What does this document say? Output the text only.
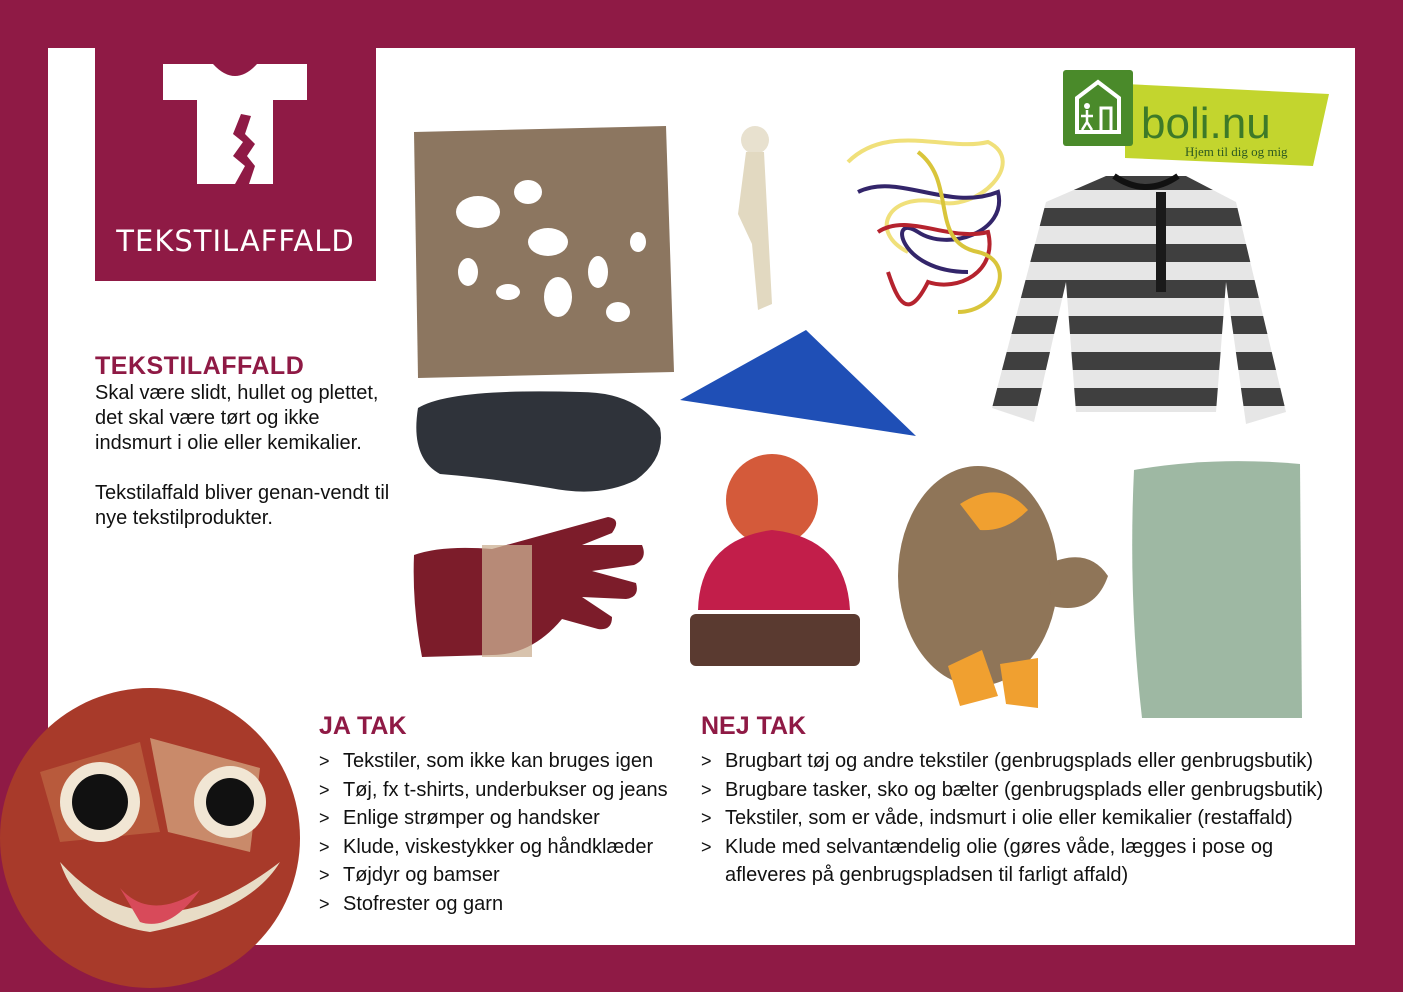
TEKSTILAFFALD
TEKSTILAFFALD

Skal være slidt, hullet og plettet, det skal være tørt og ikke indsmurt i olie eller kemikalier.

Tekstilaffald bliver genan-vendt til nye tekstilprodukter.

boli.nu
Hjem til dig og mig
JA TAK
> Tekstiler, som ikke kan bruges igen
> Tøj, fx t-shirts, underbukser og jeans
> Enlige strømper og handsker
> Klude, viskestykker og håndklæder
> Tøjdyr og bamser
> Stofrester og garn
NEJ TAK
> Brugbart tøj og andre tekstiler (genbrugsplads eller genbrugsbutik)
> Brugbare tasker, sko og bælter (genbrugsplads eller genbrugsbutik)
> Tekstiler, som er våde, indsmurt i olie eller kemikalier (restaffald)
> Klude med selvantændelig olie (gøres våde, lægges i pose og afleveres på genbrugspladsen til farligt affald)
